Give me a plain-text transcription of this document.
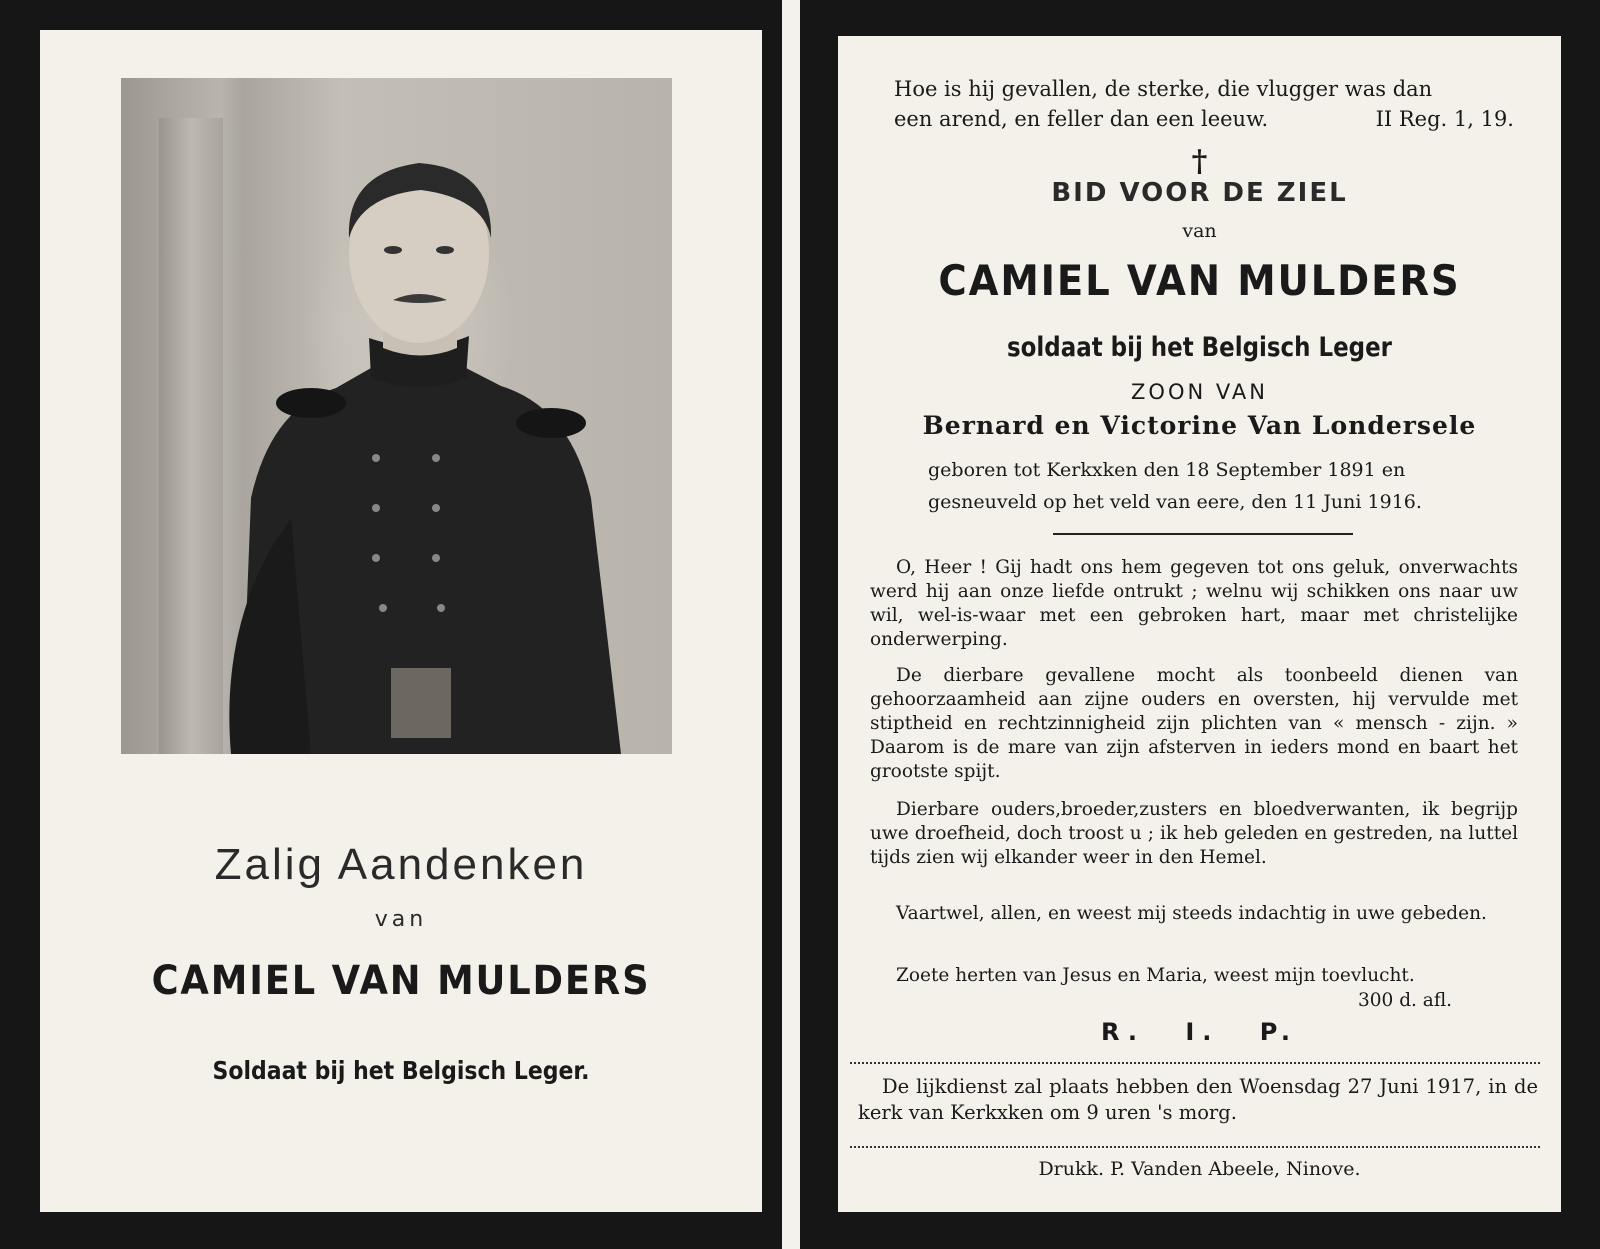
Zalig Aandenken
van
CAMIEL VAN MULDERS
Soldaat bij het Belgisch Leger.
Hoe is hij gevallen, de sterke, die vlugger was dan
een arend, en feller dan een leeuw.	II Reg. 1, 19.
†
BID VOOR DE ZIEL
van
CAMIEL VAN MULDERS
soldaat bij het Belgisch Leger
ZOON VAN
Bernard en Victorine Van Londersele
geboren tot Kerkxken den 18 September 1891 en
gesneuveld op het veld van eere, den 11 Juni 1916.
O, Heer ! Gij hadt ons hem gegeven tot ons geluk, onverwachts werd hij aan onze liefde ontrukt ; welnu wij schikken ons naar uw wil, wel-is-waar met een gebroken hart, maar met christelijke onderwerping.
De dierbare gevallene mocht als toonbeeld dienen van gehoorzaamheid aan zijne ouders en oversten, hij vervulde met stiptheid en rechtzinnigheid zijn plichten van « mensch - zijn. » Daarom is de mare van zijn afsterven in ieders mond en baart het grootste spijt.
Dierbare ouders,broeder,zusters en bloedverwanten, ik begrijp uwe droefheid, doch troost u ; ik heb geleden en gestreden, na luttel tijds zien wij elkander weer in den Hemel.
Vaartwel, allen, en weest mij steeds indachtig in uwe gebeden.
Zoete herten van Jesus en Maria, weest mijn toevlucht.
300 d. afl.
R. I. P.
De lijkdienst zal plaats hebben den Woensdag 27 Juni 1917, in de kerk van Kerkxken om 9 uren 's morg.
Drukk. P. Vanden Abeele, Ninove.
